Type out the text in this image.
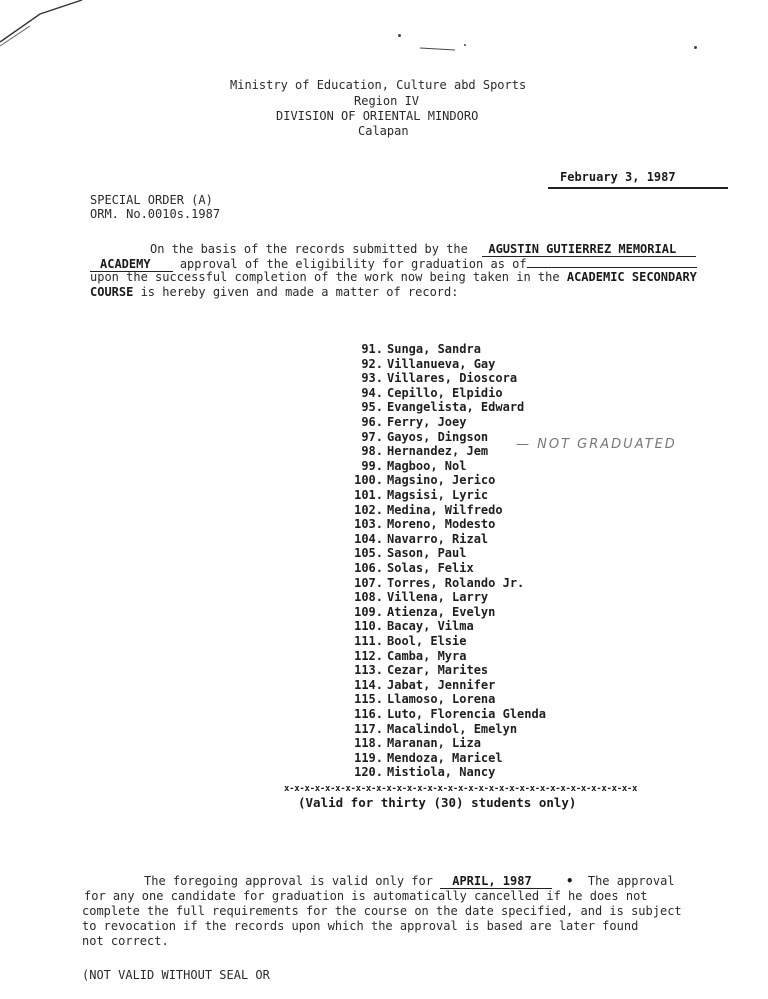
Ministry of Education, Culture abd Sports
Region IV
DIVISION OF ORIENTAL MINDORO
Calapan
February 3, 1987
SPECIAL ORDER (A)
ORM. No.0010s.1987
On the basis of the records submitted by the AGUSTIN GUTIERREZ MEMORIAL
ACADEMY approval of the eligibility for graduation as of
upon the successful completion of the work now being taken in the ACADEMIC SECONDARY
COURSE is hereby given and made a matter of record:
91. Sunga, Sandra
92. Villanueva, Gay
93. Villares, Dioscora
94. Cepillo, Elpidio
95. Evangelista, Edward
96. Ferry, Joey
97. Gayos, Dingson
98. Hernandez, Jem
99. Magboo, Nol
100. Magsino, Jerico
101. Magsisi, Lyric
102. Medina, Wilfredo
103. Moreno, Modesto
104. Navarro, Rizal
105. Sason, Paul
106. Solas, Felix
107. Torres, Rolando Jr.
108. Villena, Larry
109. Atienza, Evelyn
110. Bacay, Vilma
111. Bool, Elsie
112. Camba, Myra
113. Cezar, Marites
114. Jabat, Jennifer
115. Llamoso, Lorena
116. Luto, Florencia Glenda
117. Macalindol, Emelyn
118. Maranan, Liza
119. Mendoza, Maricel
120. Mistiola, Nancy
— NOT GRADUATED
x-x-x-x-x-x-x-x-x-x-x-x-x-x-x-x-x-x-x-x-x-x-x-x-x-x-x-x-x-x-x-x-x-x-x
(Valid for thirty (30) students only)
The foregoing approval is valid only for APRIL, 1987	• The approval
for any one candidate for graduation is automatically cancelled if he does not
complete the full requirements for the course on the date specified, and is subject
to revocation if the records upon which the approval is based are later found
not correct.
(NOT VALID WITHOUT SEAL OR
